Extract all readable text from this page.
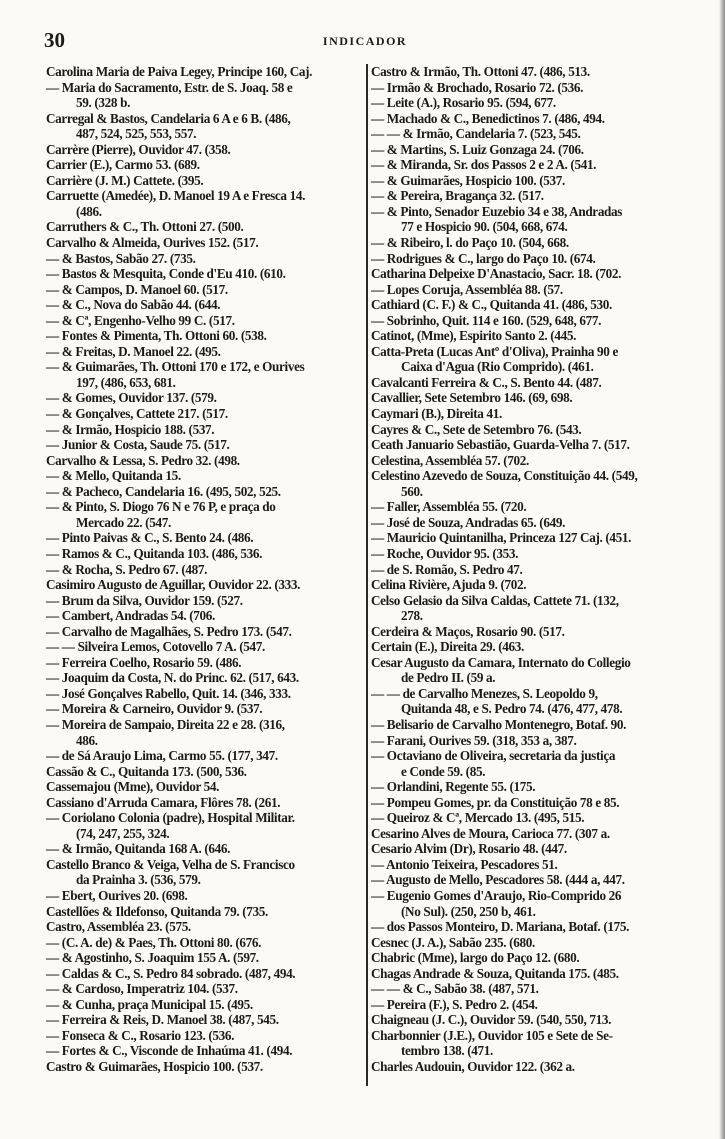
30	INDICADOR
Carolina Maria de Paiva Legey, Principe 160, Caj.
— Maria do Sacramento, Estr. de S. Joaq. 58 e
59. (328 b.
Carregal & Bastos, Candelaria 6 A e 6 B. (486,
487, 524, 525, 553, 557.
Carrère (Pierre), Ouvidor 47. (358.
Carrier (E.), Carmo 53. (689.
Carrière (J. M.) Cattete. (395.
Carruette (Amedée), D. Manoel 19 A e Fresca 14.
(486.
Carruthers & C., Th. Ottoni 27. (500.
Carvalho & Almeida, Ourives 152. (517.
— & Bastos, Sabão 27. (735.
— Bastos & Mesquita, Conde d'Eu 410. (610.
— & Campos, D. Manoel 60. (517.
— & C., Nova do Sabão 44. (644.
— & Cª, Engenho-Velho 99 C. (517.
— Fontes & Pimenta, Th. Ottoni 60. (538.
— & Freitas, D. Manoel 22. (495.
— & Guimarães, Th. Ottoni 170 e 172, e Ourives
197, (486, 653, 681.
— & Gomes, Ouvidor 137. (579.
— & Gonçalves, Cattete 217. (517.
— & Irmão, Hospicio 188. (537.
— Junior & Costa, Saude 75. (517.
Carvalho & Lessa, S. Pedro 32. (498.
— & Mello, Quitanda 15.
— & Pacheco, Candelaria 16. (495, 502, 525.
— & Pinto, S. Diogo 76 N e 76 P, e praça do
Mercado 22. (547.
— Pinto Paivas & C., S. Bento 24. (486.
— Ramos & C., Quitanda 103. (486, 536.
— & Rocha, S. Pedro 67. (487.
Casimiro Augusto de Aguillar, Ouvidor 22. (333.
— Brum da Silva, Ouvidor 159. (527.
— Cambert, Andradas 54. (706.
— Carvalho de Magalhães, S. Pedro 173. (547.
— — Silveira Lemos, Cotovello 7 A. (547.
— Ferreira Coelho, Rosario 59. (486.
— Joaquim da Costa, N. do Princ. 62. (517, 643.
— José Gonçalves Rabello, Quit. 14. (346, 333.
— Moreira & Carneiro, Ouvidor 9. (537.
— Moreira de Sampaio, Direita 22 e 28. (316,
486.
— de Sá Araujo Lima, Carmo 55. (177, 347.
Cassão & C., Quitanda 173. (500, 536.
Cassemajou (Mme), Ouvidor 54.
Cassiano d'Arruda Camara, Flôres 78. (261.
— Coriolano Colonia (padre), Hospital Militar.
(74, 247, 255, 324.
— & Irmão, Quitanda 168 A. (646.
Castello Branco & Veiga, Velha de S. Francisco
da Prainha 3. (536, 579.
— Ebert, Ourives 20. (698.
Castellões & Ildefonso, Quitanda 79. (735.
Castro, Assembléa 23. (575.
— (C. A. de) & Paes, Th. Ottoni 80. (676.
— & Agostinho, S. Joaquim 155 A. (597.
— Caldas & C., S. Pedro 84 sobrado. (487, 494.
— & Cardoso, Imperatriz 104. (537.
— & Cunha, praça Municipal 15. (495.
— Ferreira & Reis, D. Manoel 38. (487, 545.
— Fonseca & C., Rosario 123. (536.
— Fortes & C., Visconde de Inhaúma 41. (494.
Castro & Guimarães, Hospicio 100. (537.
Castro & Irmão, Th. Ottoni 47. (486, 513.
— Irmão & Brochado, Rosario 72. (536.
— Leite (A.), Rosario 95. (594, 677.
— Machado & C., Benedictinos 7. (486, 494.
— — & Irmão, Candelaria 7. (523, 545.
— & Martins, S. Luiz Gonzaga 24. (706.
— & Miranda, Sr. dos Passos 2 e 2 A. (541.
— & Guimarães, Hospicio 100. (537.
— & Pereira, Bragança 32. (517.
— & Pinto, Senador Euzebio 34 e 38, Andradas
77 e Hospicio 90. (504, 668, 674.
— & Ribeiro, l. do Paço 10. (504, 668.
— Rodrigues & C., largo do Paço 10. (674.
Catharina Delpeixe D'Anastacio, Sacr. 18. (702.
— Lopes Coruja, Assembléa 88. (57.
Cathiard (C. F.) & C., Quitanda 41. (486, 530.
— Sobrinho, Quit. 114 e 160. (529, 648, 677.
Catinot, (Mme), Espirito Santo 2. (445.
Catta-Preta (Lucas Antº d'Oliva), Prainha 90 e
Caixa d'Agua (Rio Comprido). (461.
Cavalcanti Ferreira & C., S. Bento 44. (487.
Cavallier, Sete Setembro 146. (69, 698.
Caymari (B.), Direita 41.
Cayres & C., Sete de Setembro 76. (543.
Ceath Januario Sebastião, Guarda-Velha 7. (517.
Celestina, Assembléa 57. (702.
Celestino Azevedo de Souza, Constituição 44. (549,
560.
— Faller, Assembléa 55. (720.
— José de Souza, Andradas 65. (649.
— Mauricio Quintanilha, Princeza 127 Caj. (451.
— Roche, Ouvidor 95. (353.
— de S. Romão, S. Pedro 47.
Celina Rivière, Ajuda 9. (702.
Celso Gelasio da Silva Caldas, Cattete 71. (132,
278.
Cerdeira & Maços, Rosario 90. (517.
Certain (E.), Direita 29. (463.
Cesar Augusto da Camara, Internato do Collegio
de Pedro II. (59 a.
— — de Carvalho Menezes, S. Leopoldo 9,
Quitanda 48, e S. Pedro 74. (476, 477, 478.
— Belisario de Carvalho Montenegro, Botaf. 90.
— Farani, Ourives 59. (318, 353 a, 387.
— Octaviano de Oliveira, secretaria da justiça
e Conde 59. (85.
— Orlandini, Regente 55. (175.
— Pompeu Gomes, pr. da Constituição 78 e 85.
— Queiroz & Cª, Mercado 13. (495, 515.
Cesarino Alves de Moura, Carioca 77. (307 a.
Cesario Alvim (Dr), Rosario 48. (447.
— Antonio Teixeira, Pescadores 51.
— Augusto de Mello, Pescadores 58. (444 a, 447.
— Eugenio Gomes d'Araujo, Rio-Comprido 26
(No Sul). (250, 250 b, 461.
— dos Passos Monteiro, D. Mariana, Botaf. (175.
Cesnec (J. A.), Sabão 235. (680.
Chabric (Mme), largo do Paço 12. (680.
Chagas Andrade & Souza, Quitanda 175. (485.
— — & C., Sabão 38. (487, 571.
— Pereira (F.), S. Pedro 2. (454.
Chaigneau (J. C.), Ouvidor 59. (540, 550, 713.
Charbonnier (J.E.), Ouvidor 105 e Sete de Se-
tembro 138. (471.
Charles Audouin, Ouvidor 122. (362 a.
